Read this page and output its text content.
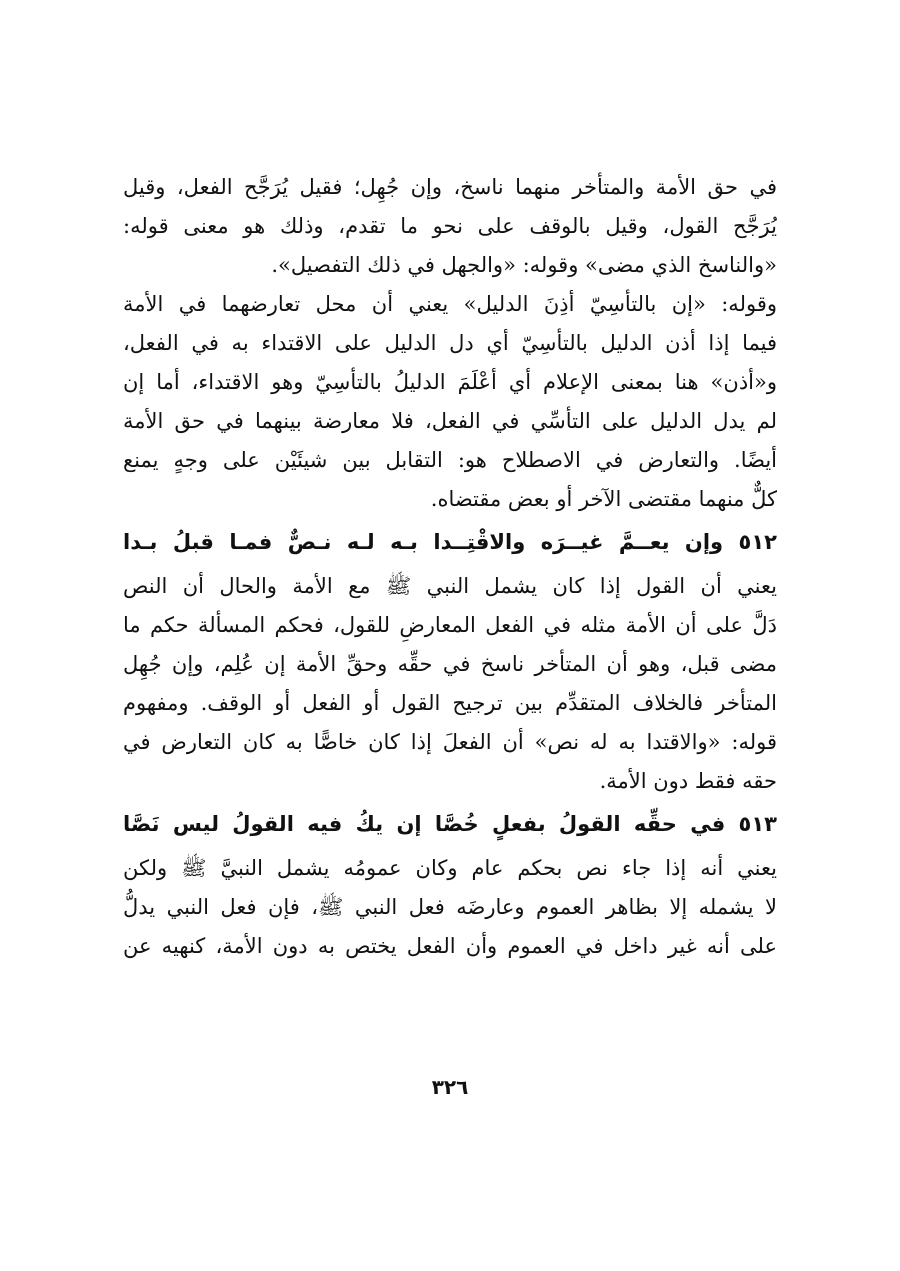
في حق الأمة والمتأخر منهما ناسخ، وإن جُهِل؛ فقيل يُرَجَّح الفعل، وقيل
يُرَجَّح القول، وقيل بالوقف على نحو ما تقدم، وذلك هو معنى قوله:
«والناسخ الذي مضى» وقوله: «والجهل في ذلك التفصيل».
وقوله: «إن بالتأسِيّ أذِنَ الدليل» يعني أن محل تعارضهما في الأمة
فيما إذا أذن الدليل بالتأسِيّ أي دل الدليل على الاقتداء به في الفعل،
و«أذن» هنا بمعنى الإعلام أي أعْلَمَ الدليلُ بالتأسِيّ وهو الاقتداء، أما إن
لم يدل الدليل على التأسِّي في الفعل، فلا معارضة بينهما في حق الأمة
أيضًا. والتعارض في الاصطلاح هو: التقابل بين شيئَيْن على وجهٍ يمنع
كلٌّ منهما مقتضى الآخر أو بعض مقتضاه.
٥١٢ وإن يعــمَّ غيــرَه والاقْتِــدا بـه لـه نـصٌّ فمـا قبلُ بـدا
يعني أن القول إذا كان يشمل النبي ﷺ مع الأمة والحال أن النص
دَلَّ على أن الأمة مثله في الفعل المعارضِ للقول، فحكم المسألة حكم ما
مضى قبل، وهو أن المتأخر ناسخ في حقِّه وحقِّ الأمة إن عُلِم، وإن جُهِل
المتأخر فالخلاف المتقدِّم بين ترجيح القول أو الفعل أو الوقف. ومفهوم
قوله: «والاقتدا به له نص» أن الفعلَ إذا كان خاصًّا به كان التعارض في
حقه فقط دون الأمة.
٥١٣ في حقِّه القولُ بفعلٍ خُصَّا إن يكُ فيه القولُ ليس نَصَّا
يعني أنه إذا جاء نص بحكم عام وكان عمومُه يشمل النبيَّ ﷺ ولكن
لا يشمله إلا بظاهر العموم وعارضَه فعل النبي ﷺ، فإن فعل النبي يدلُّ
على أنه غير داخل في العموم وأن الفعل يختص به دون الأمة، كنهيه عن
٣٢٦
